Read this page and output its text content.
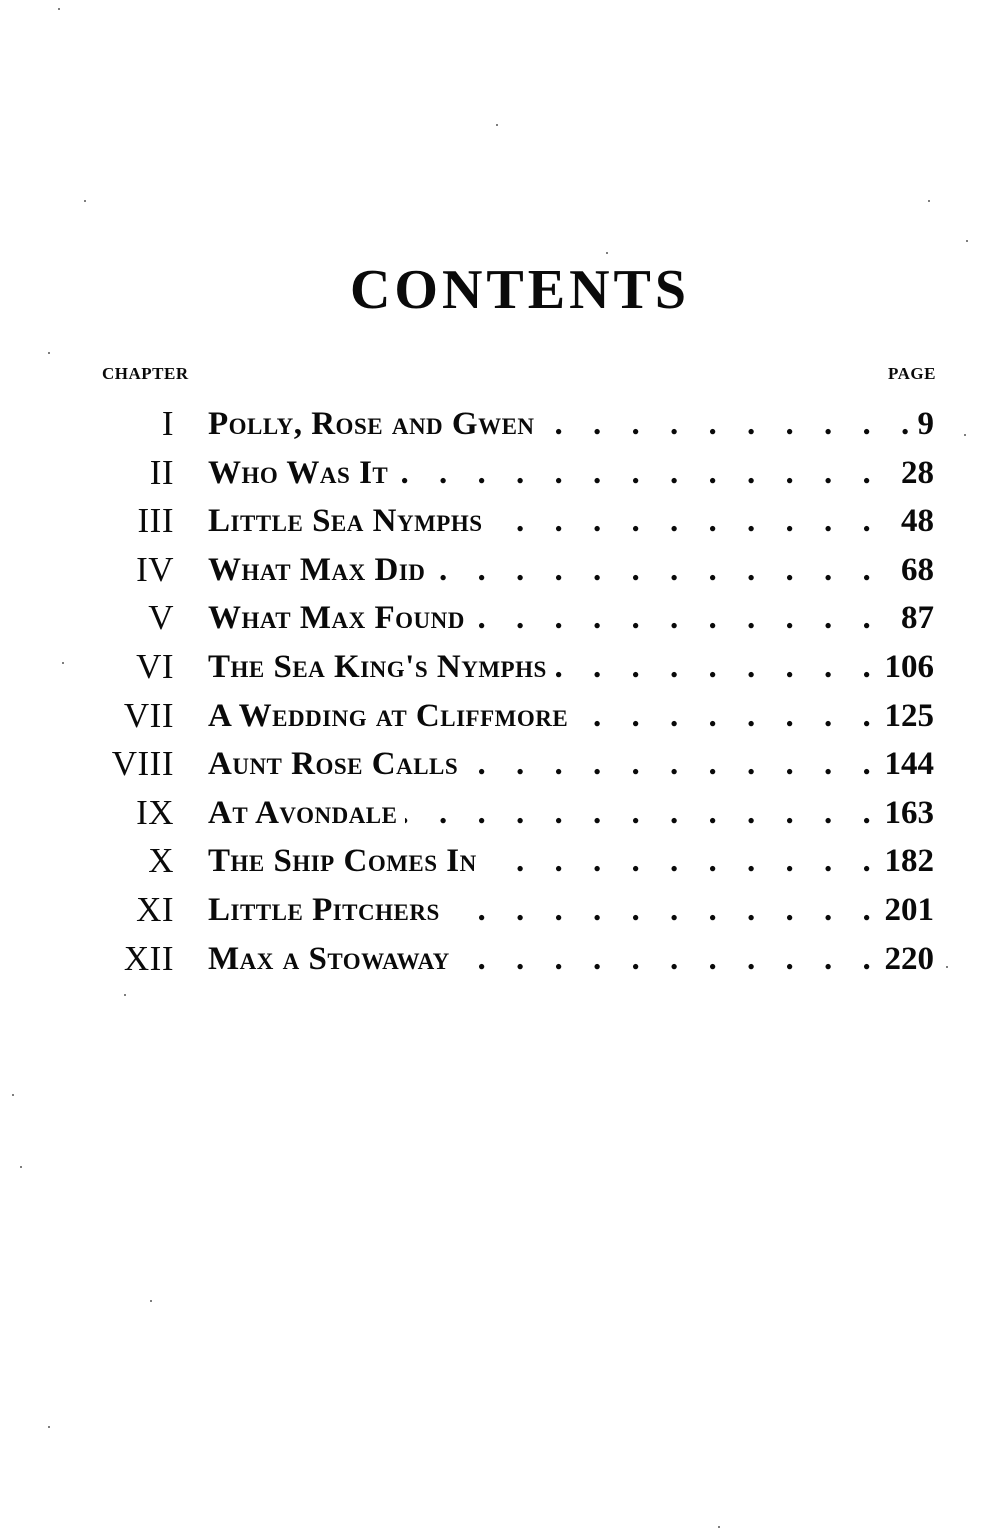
CONTENTS
CHAPTER	PAGE
I . . . Polly, Rose and Gwen	9
II . . . Who Was It	28
III . . . Little Sea Nymphs	48
IV . . . What Max Did	68
V . . . What Max Found	87
VI . . . The Sea King's Nymphs	106
VII . . . A Wedding at Cliffmore	125
VIII . . . Aunt Rose Calls	144
IX . . . At Avondale	163
X . . . The Ship Comes In	182
XI . . . Little Pitchers	201
XII . . . Max a Stowaway	220
